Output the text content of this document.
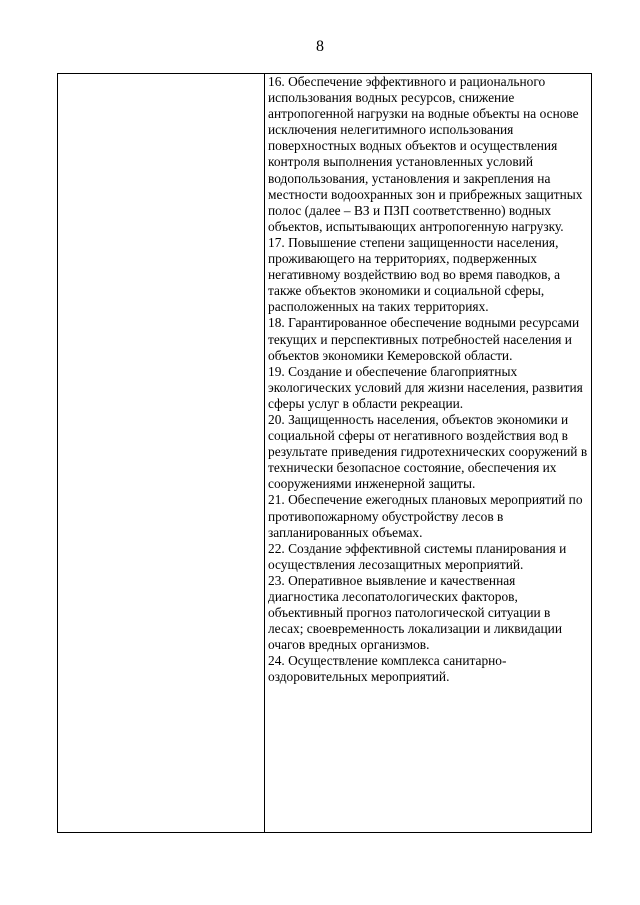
8

16. Обеспечение эффективного и рационального использования водных ресурсов, снижение антропогенной нагрузки на водные объекты на основе исключения нелегитимного использования поверхностных водных объектов и осуществления контроля выполнения установленных условий водопользования, установления и закрепления на местности водоохранных зон и прибрежных защитных полос (далее – ВЗ и ПЗП соответственно) водных объектов, испытывающих антропогенную нагрузку.

17. Повышение степени защищенности населения, проживающего на территориях, подверженных негативному воздействию вод во время паводков, а также объектов экономики и социальной сферы, расположенных на таких территориях.

18. Гарантированное обеспечение водными ресурсами текущих и перспективных потребностей населения и объектов экономики Кемеровской области.

19. Создание и обеспечение благоприятных экологических условий для жизни населения, развития сферы услуг в области рекреации.

20. Защищенность населения, объектов экономики и социальной сферы от негативного воздействия вод в результате приведения гидротехнических сооружений в технически безопасное состояние, обеспечения их сооружениями инженерной защиты.

21. Обеспечение ежегодных плановых мероприятий по противопожарному обустройству лесов в запланированных объемах.

22. Создание эффективной системы планирования и осуществления лесозащитных мероприятий.

23. Оперативное выявление и качественная диагностика лесопатологических факторов, объективный прогноз патологической ситуации в лесах; своевременность локализации и ликвидации очагов вредных организмов.

24. Осуществление комплекса санитарно-оздоровительных мероприятий.
